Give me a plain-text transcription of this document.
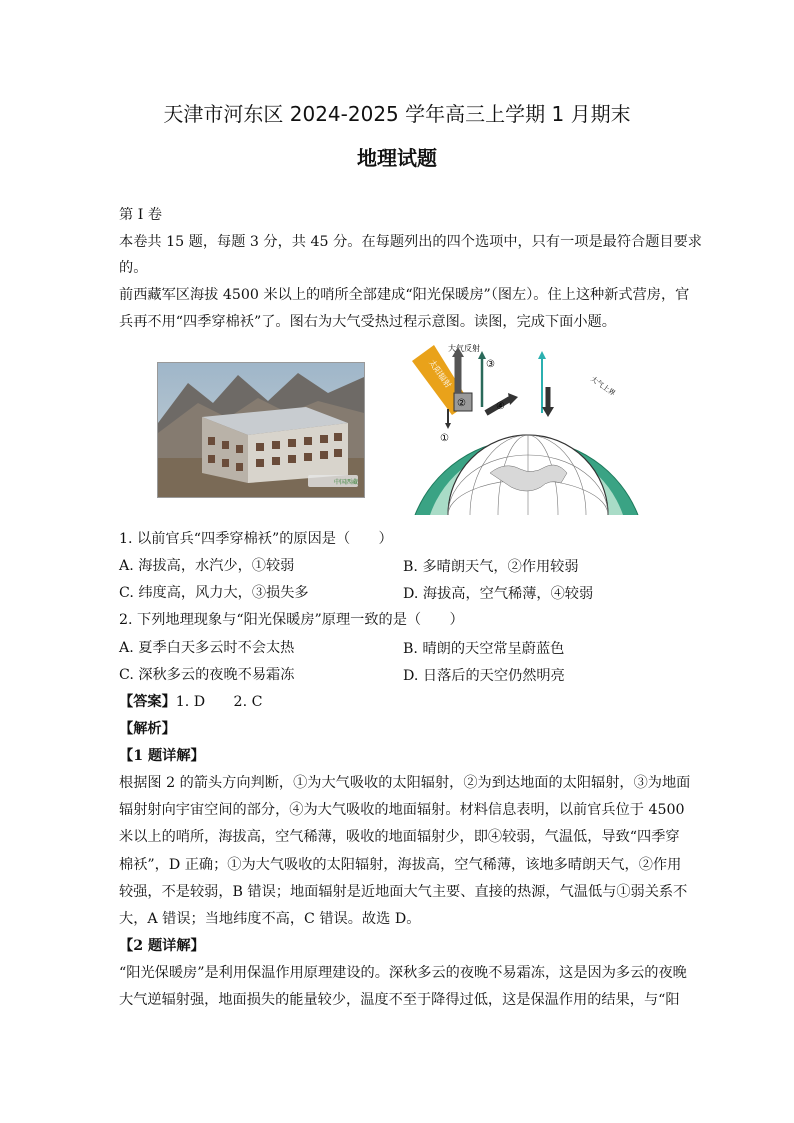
天津市河东区 2024-2025 学年高三上学期 1 月期末
地理试题
第 I 卷
本卷共 15 题，每题 3 分，共 45 分。在每题列出的四个选项中，只有一项是最符合题目要求
的。
前西藏军区海拔 4500 米以上的哨所全部建成“阳光保暖房”（图左）。住上这种新式营房，官
兵再不用“四季穿棉袄”了。图右为大气受热过程示意图。读图，完成下面小题。
中国西藏
太阳辐射
②
大气反射
①
③
④
大气上界
1. 以前官兵“四季穿棉袄”的原因是（　　）
A. 海拔高，水汽少，①较弱	B. 多晴朗天气，②作用较弱
C. 纬度高，风力大，③损失多	D. 海拔高，空气稀薄，④较弱
2. 下列地理现象与“阳光保暖房”原理一致的是（　　）
A. 夏季白天多云时不会太热	B. 晴朗的天空常呈蔚蓝色
C. 深秋多云的夜晚不易霜冻	D. 日落后的天空仍然明亮
【答案】1. D　　2. C
【解析】
【1 题详解】
根据图 2 的箭头方向判断，①为大气吸收的太阳辐射，②为到达地面的太阳辐射，③为地面
辐射射向宇宙空间的部分，④为大气吸收的地面辐射。材料信息表明，以前官兵位于 4500
米以上的哨所，海拔高，空气稀薄，吸收的地面辐射少，即④较弱，气温低，导致“四季穿
棉袄”，D 正确；①为大气吸收的太阳辐射，海拔高，空气稀薄，该地多晴朗天气，②作用
较强，不是较弱，B 错误；地面辐射是近地面大气主要、直接的热源，气温低与①弱关系不
大，A 错误；当地纬度不高，C 错误。故选 D。
【2 题详解】
“阳光保暖房”是利用保温作用原理建设的。深秋多云的夜晚不易霜冻，这是因为多云的夜晚
大气逆辐射强，地面损失的能量较少，温度不至于降得过低，这是保温作用的结果，与“阳
